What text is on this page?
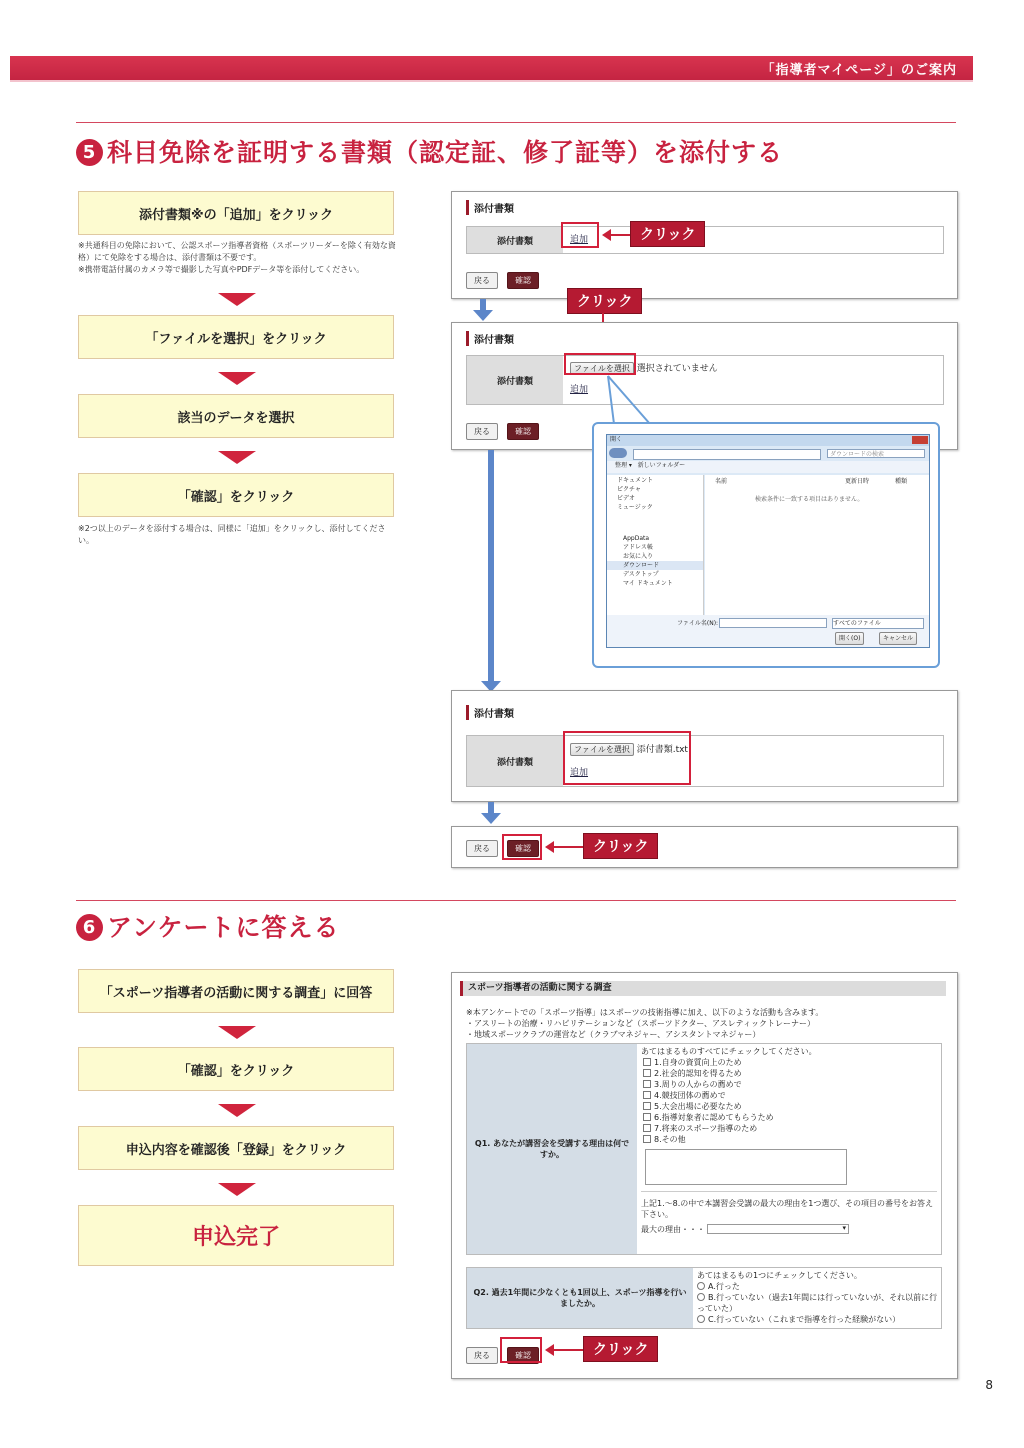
「指導者マイページ」のご案内
5 科目免除を証明する書類（認定証、修了証等）を添付する
添付書類※の「追加」をクリック
※共通科目の免除において、公認スポーツ指導者資格（スポーツリーダーを除く有効な資格）にて免除をする場合は、添付書類は不要です。
※携帯電話付属のカメラ等で撮影した写真やPDFデータ等を添付してください。
「ファイルを選択」をクリック
該当のデータを選択
「確認」をクリック
※2つ以上のデータを添付する場合は、同様に「追加」をクリックし、添付してください。
添付書類
添付書類	追加
戻る	確認
クリック
クリック
添付書類
添付書類
ファイルを選択 選択されていません
追加
戻る	確認
開く
ダウンロードの検索
整理 ▾ 新しいフォルダー
ドキュメント
ピクチャ
ビデオ
ミュージック
AppData
アドレス帳
お気に入り
ダウンロード
デスクトップ
マイ ドキュメント
名前	更新日時	種類
検索条件に一致する項目はありません。
ファイル名(N):	すべてのファイル
開く(O)	キャンセル
添付書類
添付書類
ファイルを選択 添付書類.txt
追加
戻る	確認	クリック
6 アンケートに答える
「スポーツ指導者の活動に関する調査」に回答
「確認」をクリック
申込内容を確認後「登録」をクリック
申込完了
スポーツ指導者の活動に関する調査
※本アンケートでの「スポーツ指導」はスポーツの技術指導に加え、以下のような活動も含みます。
・アスリートの治療・リハビリテーションなど（スポーツドクター、アスレティックトレーナー）
・地域スポーツクラブの運営など（クラブマネジャー、アシスタントマネジャー）
Q1. あなたが講習会を受講する理由は何ですか。
あてはまるものすべてにチェックしてください。
1.自身の資質向上のため
2.社会的認知を得るため
3.周りの人からの薦めで
4.競技団体の薦めで
5.大会出場に必要なため
6.指導対象者に認めてもらうため
7.将来のスポーツ指導のため
8.その他
上記1.～8.の中で本講習会受講の最大の理由を1つ選び、その項目の番号をお答え下さい。
最大の理由・・・	▾
Q2. 過去1年間に少なくとも1回以上、スポーツ指導を行いましたか。
あてはまるもの1つにチェックしてください。
A.行った
B.行っていない（過去1年間には行っていないが、それ以前に行っていた）
C.行っていない（これまで指導を行った経験がない）
戻る	確認	クリック
8
